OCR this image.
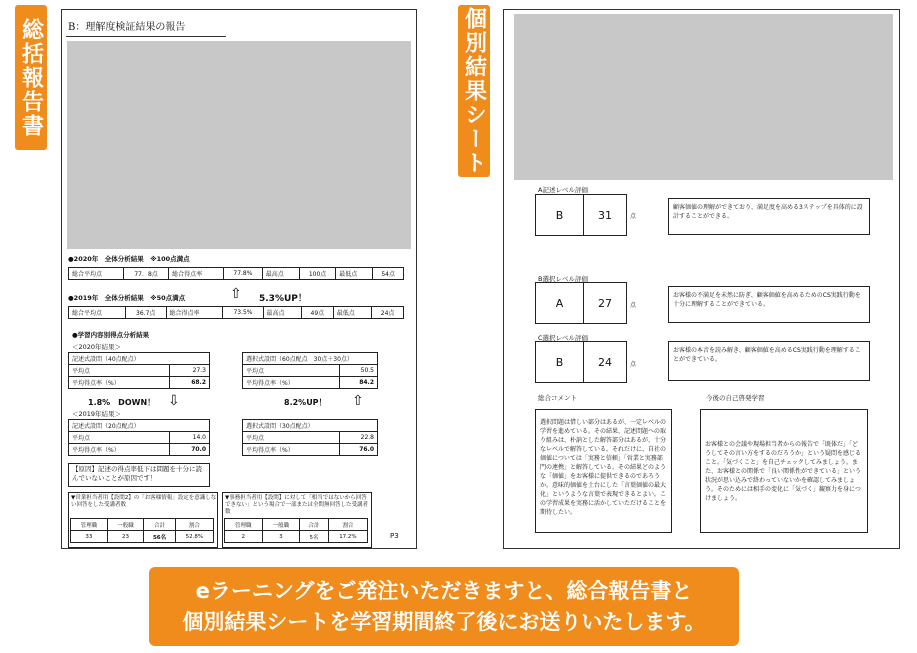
総括報告書	個別結果シート
B：理解度検証結果の報告
●2020年　全体分析結果　※100点満点
総合平均点	77．8点	総合得点率	77.8%	最高点	100点	最低点	54点
●2019年　全体分析結果　※50点満点	⇧ 5.3%UP！
総合平均点	36.7点	総合得点率	73.5%	最高点	49点	最低点	24点
●学習内容別得点分析結果
＜2020年結果＞
記述式設問（40点配点）	
平均点	27.3
平均得点率（%）	68.2
選択式設問（60点配点　30点＋30点）	
平均点	50.5
平均得点率（%）	84.2
1.8%　DOWN！ ⇩	8.2%UP！ ⇧
＜2019年結果＞
記述式設問（20点配点）	
平均点	14.0
平均得点率（%）	70.0
選択式設問（30点配点）	
平均点	22.8
平均得点率（%）	76.0
【原因】記述の得点率低下は問題を十分に読んでいないことが原因です！
▼営業担当者用【設問2】の「お客様情報」設定を意識しない回答をした受講者数
管理職	一般職	合計	割合
33	23	56名	52.8%
▼事務担当者用【設問】に対して「相当ではないから回答できない」という場合で一部または全問無回答した受講者数
管理職	一般職	合計	割合
2	3	5名	17.2%	P3
A記述レベル評価
B	31	点
顧客価値の理解ができており、満足度を高める3ステップを具体的に設計することができる。
B選択レベル評価
A	27	点
お客様の不満足を未然に防ぎ、顧客価値を高めるためのCS実践行動を十分に理解することができている。
C選択レベル評価
B	24	点
お客様の本音を読み解き、顧客価値を高めるCS実践行動を理解することができている。
総合コメント	今後の自己啓発学習
選択問題は惜しい部分はあるが、一定レベルの学習を進めている。その結果、記述問題への取り組みは、朴訥とした解答部分はあるが、十分なレベルで解答している。それだけに、自社の価値については「実務と信頼」「営業と実務部門の連携」と解答している。その結果どのような「価値」をお客様に提供できるのであろうか。意味的価値を土台にした「言葉価値の最大化」というような言葉で表現できるとよい。この学習成果を実務に活かしていただけることを期待したい。
お客様との会議や現場担当者からの報告で「既体だ」「どうしてその言い方をするのだろうか」という疑問を感じること。「気づくこと」を自己チェックしてみましょう。また、お客様との関係で「良い関係性ができている」という状況が思い込みで終わっていないかを確認してみましょう。そのためには相手の変化に「気づく」観察力を身につけましょう。
eラーニングをご発注いただきますと、総合報告書と
個別結果シートを学習期間終了後にお送りいたします。
